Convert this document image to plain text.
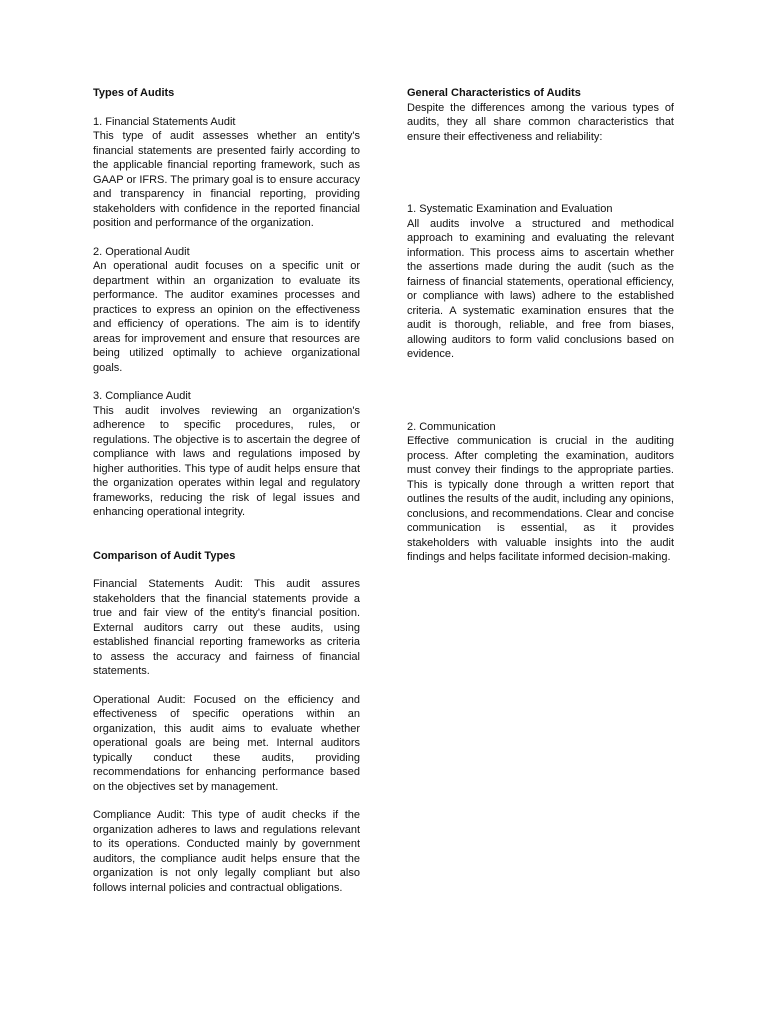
Types of Audits
1. Financial Statements Audit

This type of audit assesses whether an entity's financial statements are presented fairly according to the applicable financial reporting framework, such as GAAP or IFRS. The primary goal is to ensure accuracy and transparency in financial reporting, providing stakeholders with confidence in the reported financial position and performance of the organization.

2. Operational Audit

An operational audit focuses on a specific unit or department within an organization to evaluate its performance. The auditor examines processes and practices to express an opinion on the effectiveness and efficiency of operations. The aim is to identify areas for improvement and ensure that resources are being utilized optimally to achieve organizational goals.

3. Compliance Audit

This audit involves reviewing an organization's adherence to specific procedures, rules, or regulations. The objective is to ascertain the degree of compliance with laws and regulations imposed by higher authorities. This type of audit helps ensure that the organization operates within legal and regulatory frameworks, reducing the risk of legal issues and enhancing operational integrity.

Comparison of Audit Types

Financial Statements Audit: This audit assures stakeholders that the financial statements provide a true and fair view of the entity's financial position. External auditors carry out these audits, using established financial reporting frameworks as criteria to assess the accuracy and fairness of financial statements.

Operational Audit: Focused on the efficiency and effectiveness of specific operations within an organization, this audit aims to evaluate whether operational goals are being met. Internal auditors typically conduct these audits, providing recommendations for enhancing performance based on the objectives set by management.

Compliance Audit: This type of audit checks if the organization adheres to laws and regulations relevant to its operations. Conducted mainly by government auditors, the compliance audit helps ensure that the organization is not only legally compliant but also follows internal policies and contractual obligations.

General Characteristics of Audits

Despite the differences among the various types of audits, they all share common characteristics that ensure their effectiveness and reliability:

1. Systematic Examination and Evaluation

All audits involve a structured and methodical approach to examining and evaluating the relevant information. This process aims to ascertain whether the assertions made during the audit (such as the fairness of financial statements, operational efficiency, or compliance with laws) adhere to the established criteria. A systematic examination ensures that the audit is thorough, reliable, and free from biases, allowing auditors to form valid conclusions based on evidence.

2. Communication

Effective communication is crucial in the auditing process. After completing the examination, auditors must convey their findings to the appropriate parties. This is typically done through a written report that outlines the results of the audit, including any opinions, conclusions, and recommendations. Clear and concise communication is essential, as it provides stakeholders with valuable insights into the audit findings and helps facilitate informed decision-making.
